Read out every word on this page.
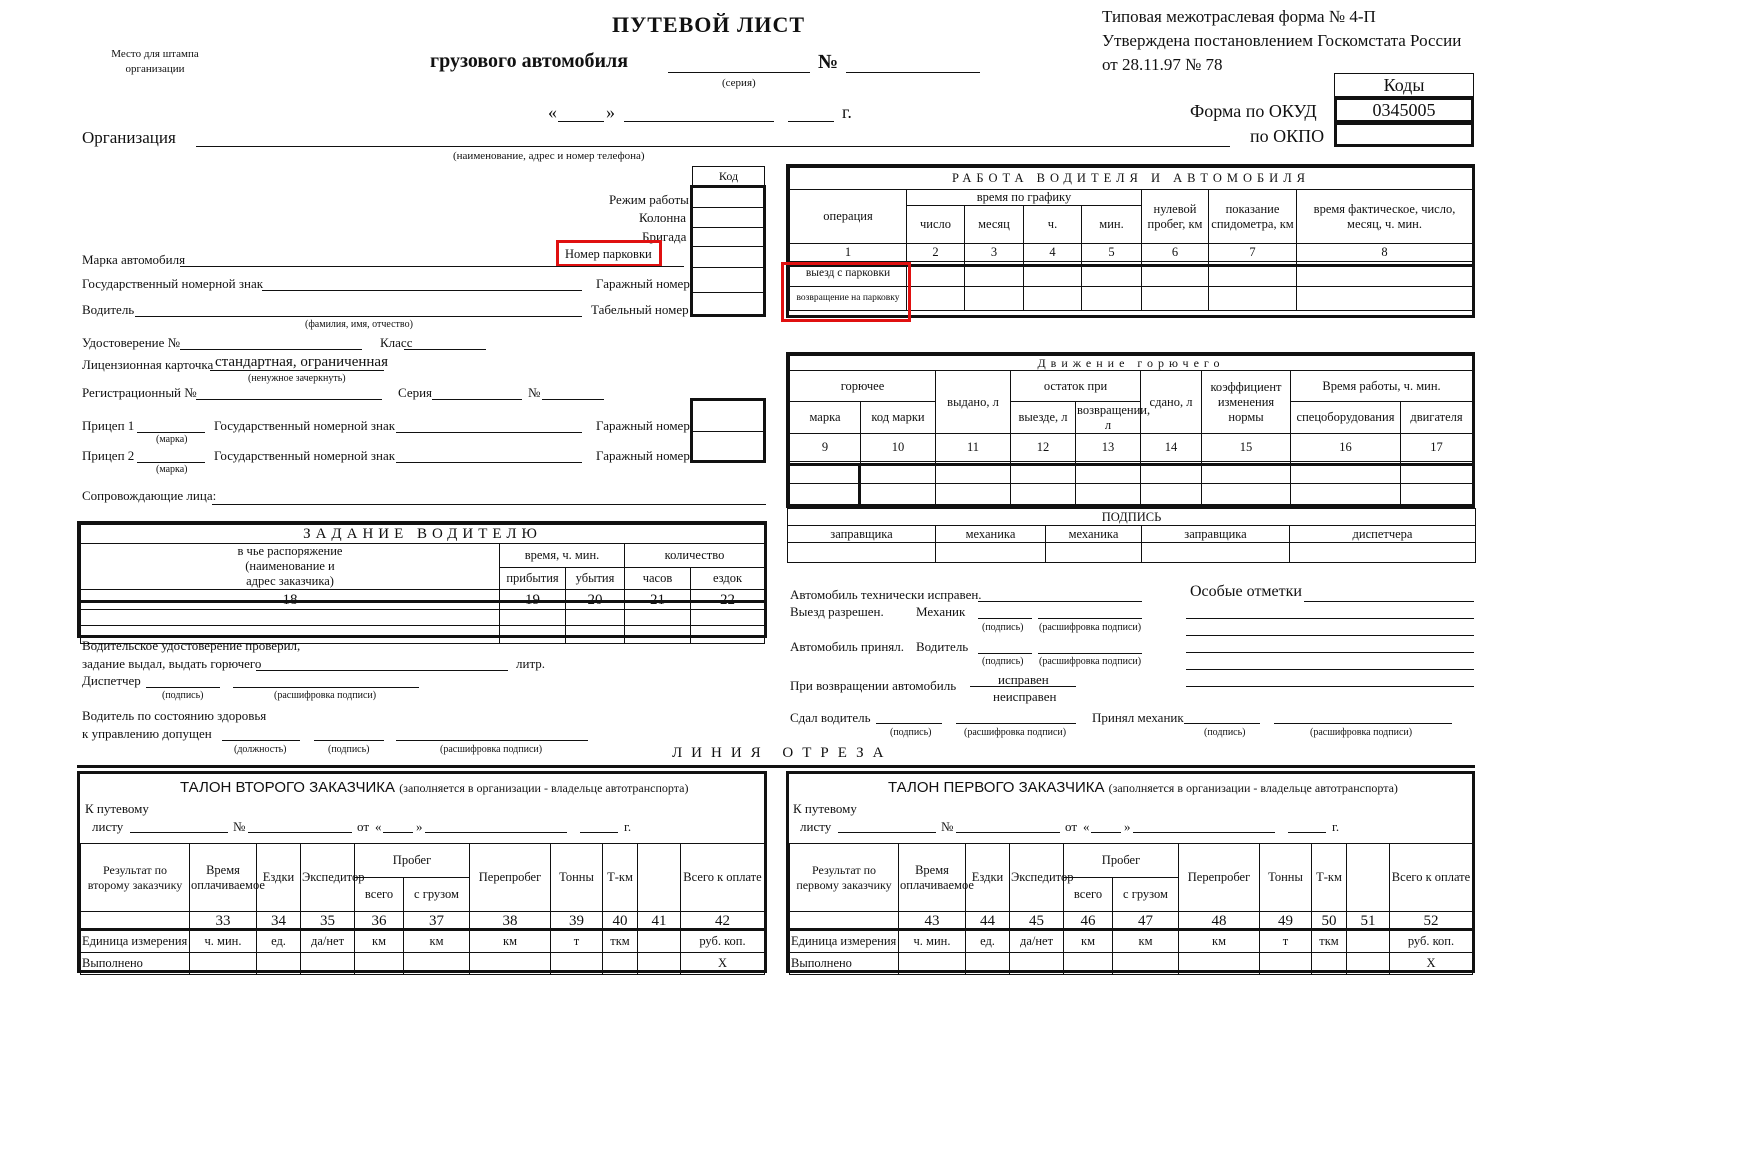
Место для штампа организации
ПУТЕВОЙ ЛИСТ
грузового автомобиля	№
(серия)
«	»	г.
Типовая межотраслевая форма № 4-П
Утверждена постановлением Госкомстата России
от 28.11.97 № 78
Коды
0345005
Форма по ОКУД
по ОКПО
Организация
(наименование, адрес и номер телефона)
Код
Режим работы
Колонна
Бригада
Номер парковки
Марка автомобиля
Государственный номерной знак	Гаражный номер
Водитель	Табельный номер
(фамилия, имя, отчество)
Удостоверение №	Класс
Лицензионная карточка стандартная, ограниченная
(ненужное зачеркнуть)
Регистрационный №	Серия	№
Прицеп 1
(марка)
Государственный номерной знак	Гаражный номер
Прицеп 2
(марка)
Государственный номерной знак	Гаражный номер
Сопровождающие лица:
РАБОТА ВОДИТЕЛЯ И АВТОМОБИЛЯ							
операция	время по графику				нулевой пробег, км	показание спидометра, км	время фактическое, число, месяц, ч. мин.
	число	месяц	ч.	мин.			
1	2	3	4	5	6	7	8
выезд с парковки							
возвращение на парковку							
Движение горючего								
горючее		выдано, л	остаток при		сдано, л	коэффициент изменения нормы	Время работы, ч. мин.	
марка	код марки		выезде, л	возвращении, л			спецоборудования	двигателя
9	10	11	12	13	14	15	16	17

ПОДПИСЬ				
заправщика	механика	механика	заправщика	диспетчера

ЗАДАНИЕ ВОДИТЕЛЮ				
в чье распоряжение (наименование и адрес заказчика)	время, ч. мин.		количество	
	прибытия	убытия	часов	ездок
18	19	20	21	22

Водительское удостоверение проверил,
задание выдал, выдать горючего	литр.
Диспетчер
(подпись)	(расшифровка подписи)
Водитель по состоянию здоровья
к управлению допущен
(должность)	(подпись)	(расшифровка подписи)
Автомобиль технически исправен.
Выезд разрешен. Механик
(подпись) (расшифровка подписи)
Автомобиль принял. Водитель
(подпись) (расшифровка подписи)
При возвращении автомобиль	исправен
неисправен
Сдал водитель
(подпись)	(расшифровка подписи)
Принял механик
(подпись)	(расшифровка подписи)
Особые отметки
ЛИНИЯ ОТРЕЗА
ТАЛОН ВТОРОГО ЗАКАЗЧИКА (заполняется в организации - владельце автотранспорта)
К путевому
листу	№	от «	»	г.
Результат по второму заказчику	Время оплачиваемое	Ездки	Экспедитор	Пробег		Перепробег	Тонны	Т-км		Всего к оплате
				всего	с грузом					
	33	34	35	36	37	38	39	40	41	42
Единица измерения	ч. мин.	ед.	да/нет	км	км	км	т	ткм		руб. коп.
Выполнено										Х
ТАЛОН ПЕРВОГО ЗАКАЗЧИКА (заполняется в организации - владельце автотранспорта)
К путевому
листу	№	от «	»	г.
Результат по первому заказчику	Время оплачиваемое	Ездки	Экспедитор	Пробег		Перепробег	Тонны	Т-км		Всего к оплате
				всего	с грузом					
	43	44	45	46	47	48	49	50	51	52
Единица измерения	ч. мин.	ед.	да/нет	км	км	км	т	ткм		руб. коп.
Выполнено										Х
